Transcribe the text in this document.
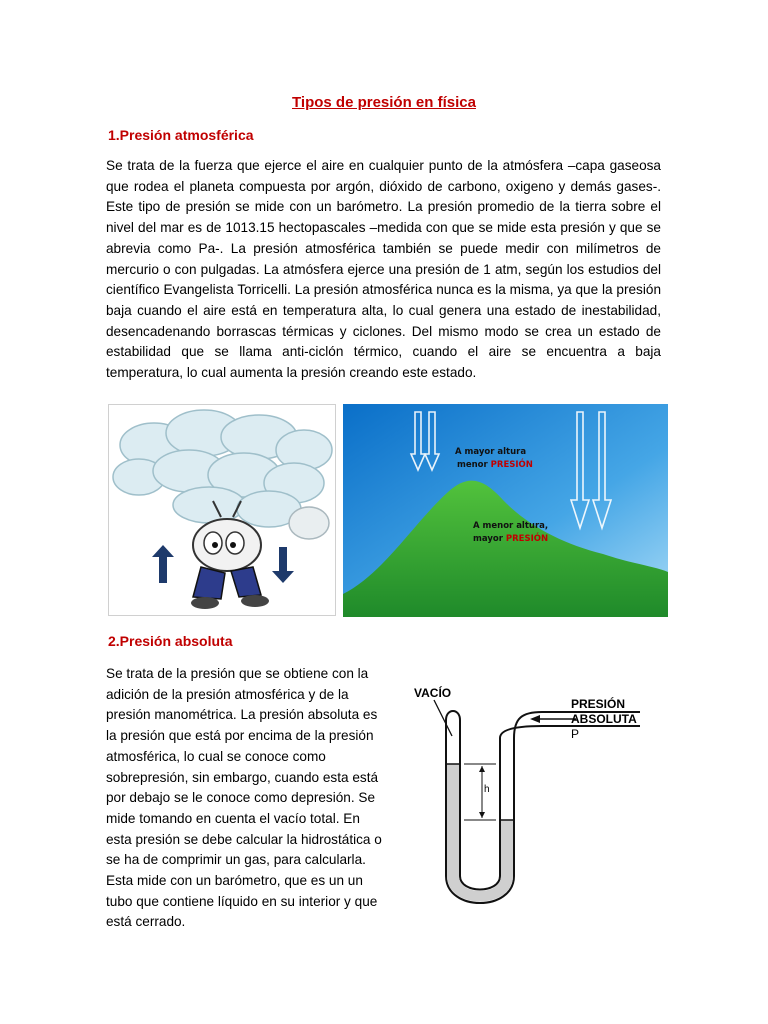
Tipos de presión en física
1.Presión atmosférica
Se trata de la fuerza que ejerce el aire en cualquier punto de la atmósfera –capa gaseosa que rodea el planeta compuesta por argón, dióxido de carbono, oxigeno y demás gases-. Este tipo de presión se mide con un barómetro. La presión promedio de la tierra sobre el nivel del mar es de 1013.15 hectopascales –medida con que se mide esta presión y que se abrevia como Pa-. La presión atmosférica también se puede medir con milímetros de mercurio o con pulgadas. La atmósfera ejerce una presión de 1 atm, según los estudios del científico Evangelista Torricelli. La presión atmosférica nunca es la misma, ya que la presión baja cuando el aire está en temperatura alta, lo cual genera una estado de inestabilidad, desencadenando borrascas térmicas y ciclones. Del mismo modo se crea un estado de estabilidad que se llama anti-ciclón térmico, cuando el aire se encuentra a baja temperatura, lo cual aumenta la presión creando este estado.
A mayor altura
menor PRESIÓN
A menor altura,
mayor PRESIÓN
2.Presión absoluta
Se trata de la presión que se obtiene con la adición de la presión atmosférica y de la presión manométrica. La presión absoluta es la presión que está por encima de la presión atmosférica, lo cual se conoce como sobrepresión, sin embargo, cuando esta está por debajo se le conoce como depresión. Se mide tomando en cuenta el vacío total. En esta presión se debe calcular la hidrostática o se ha de comprimir un gas, para calcularla. Esta mide con un barómetro, que es un un tubo que contiene líquido en su interior y que está cerrado.
VACÍO
PRESIÓN
ABSOLUTA
P
h
